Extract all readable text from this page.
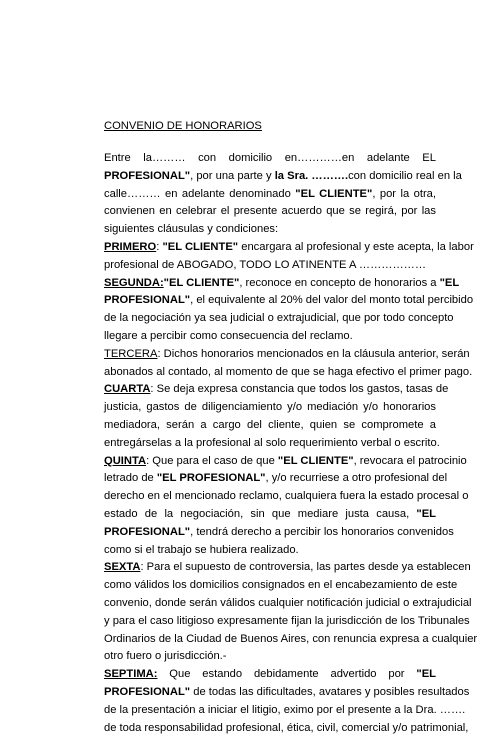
CONVENIO DE HONORARIOS
Entre la……… con domicilio en…………en adelante EL
PROFESIONAL", por una parte y la Sra. ……….con domicilio real en la
calle……… en adelante denominado "EL CLIENTE", por la otra,
convienen en celebrar el presente acuerdo que se regirá, por las
siguientes cláusulas y condiciones:
PRIMERO: "EL CLIENTE" encargara al profesional y este acepta, la labor
profesional de ABOGADO, TODO LO ATINENTE A ………………
SEGUNDA:"EL CLIENTE", reconoce en concepto de honorarios a "EL
PROFESIONAL", el equivalente al 20% del valor del monto total percibido
de la negociación ya sea judicial o extrajudicial, que por todo concepto
llegare a percibir como consecuencia del reclamo.
TERCERA: Dichos honorarios mencionados en la cláusula anterior, serán
abonados al contado, al momento de que se haga efectivo el primer pago.
CUARTA: Se deja expresa constancia que todos los gastos, tasas de
justicia, gastos de diligenciamiento y/o mediación y/o honorarios
mediadora, serán a cargo del cliente, quien se compromete a
entregárselas a la profesional al solo requerimiento verbal o escrito.
QUINTA: Que para el caso de que "EL CLIENTE", revocara el patrocinio
letrado de "EL PROFESIONAL", y/o recurriese a otro profesional del
derecho en el mencionado reclamo, cualquiera fuera la estado procesal o
estado de la negociación, sin que mediare justa causa, "EL
PROFESIONAL", tendrá derecho a percibir los honorarios convenidos
como si el trabajo se hubiera realizado.
SEXTA: Para el supuesto de controversia, las partes desde ya establecen
como válidos los domicilios consignados en el encabezamiento de este
convenio, donde serán válidos cualquier notificación judicial o extrajudicial
y para el caso litigioso expresamente fijan la jurisdicción de los Tribunales
Ordinarios de la Ciudad de Buenos Aires, con renuncia expresa a cualquier
otro fuero o jurisdicción.-
SEPTIMA: Que estando debidamente advertido por "EL
PROFESIONAL" de todas las dificultades, avatares y posibles resultados
de la presentación a iniciar el litigio, eximo por el presente a la Dra. …….
de toda responsabilidad profesional, ética, civil, comercial y/o patrimonial,
